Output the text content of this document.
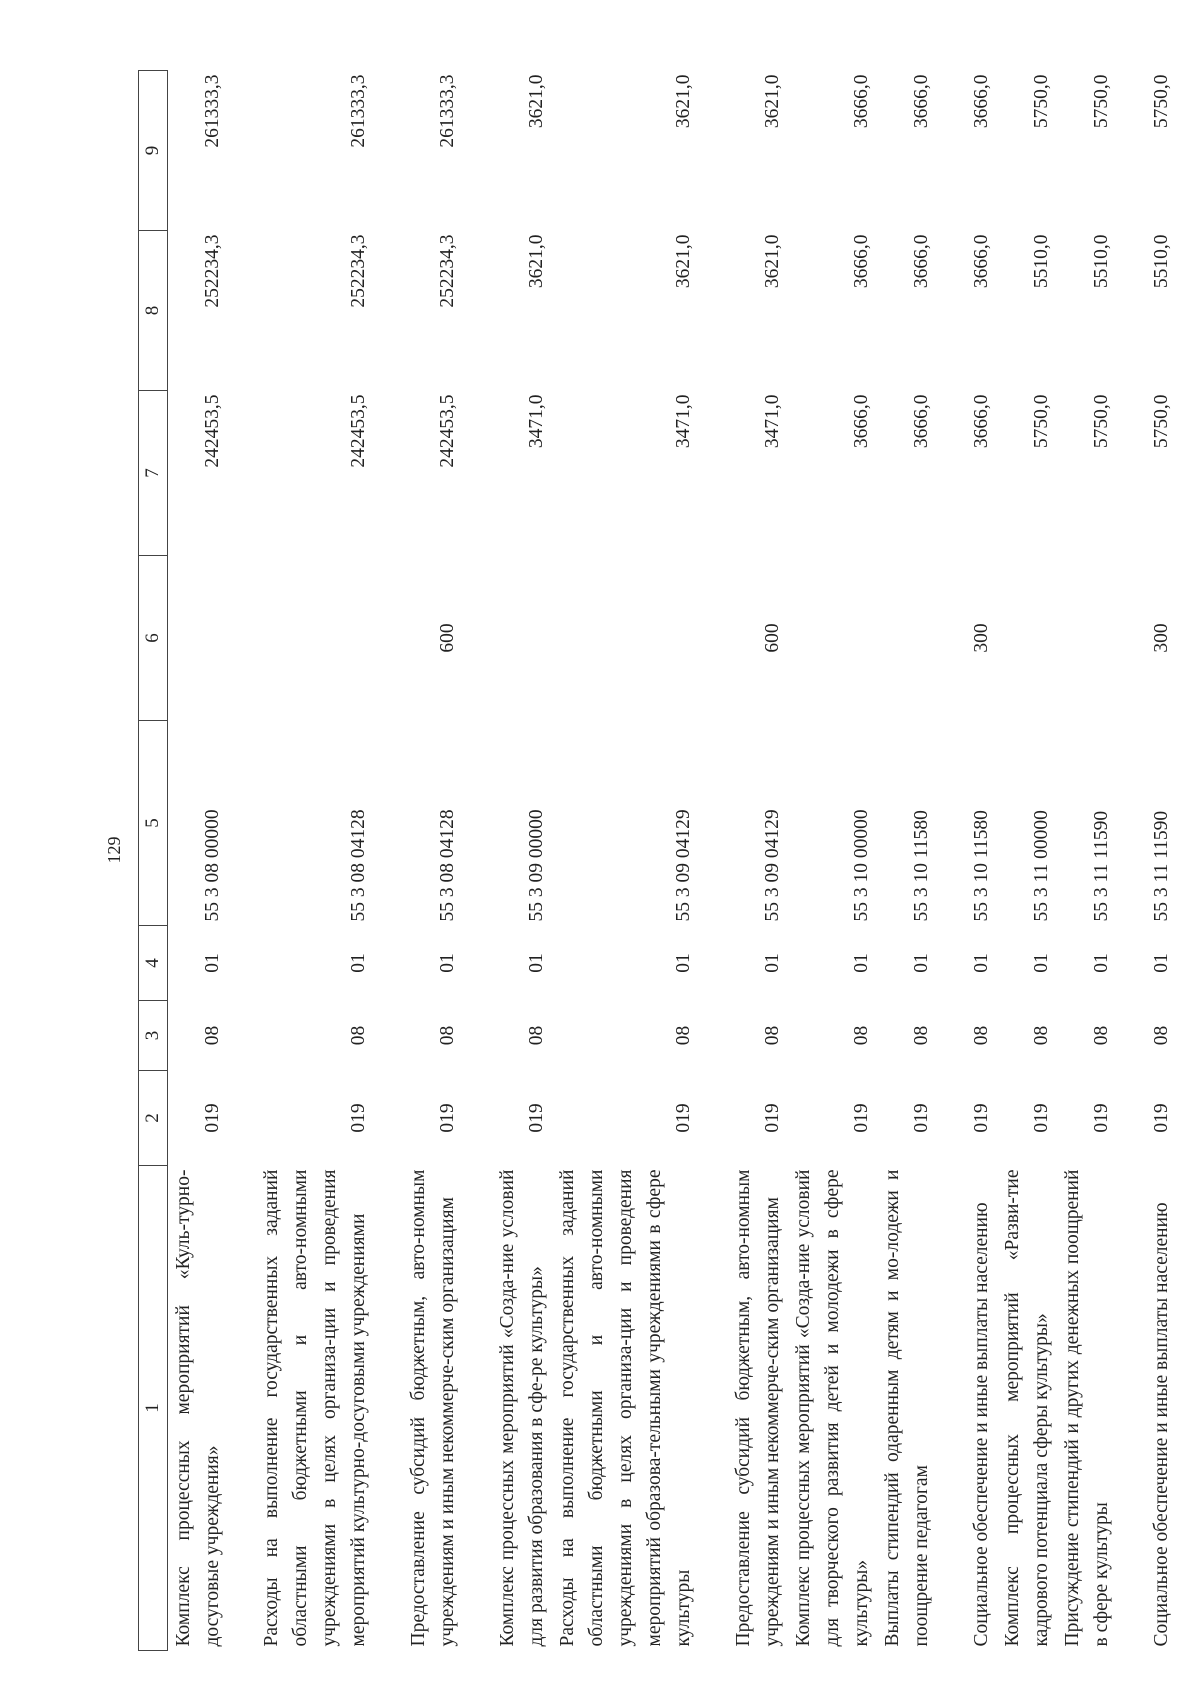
129
1	2	3	4	5	6	7	8	9
Комплекс процессных мероприятий «Куль-турно-досуговые учреждения»	019	08	01	55 3 08 00000		242453,5	252234,3	261333,3
Расходы на выполнение государственных заданий областными бюджетными и авто-номными учреждениями в целях организа-ции и проведения мероприятий культурно-досуговыми учреждениями	019	08	01	55 3 08 04128		242453,5	252234,3	261333,3
Предоставление субсидий бюджетным, авто-номным учреждениям и иным некоммерче-ским организациям	019	08	01	55 3 08 04128	600	242453,5	252234,3	261333,3
Комплекс процессных мероприятий «Созда-ние условий для развития образования в сфе-ре культуры»	019	08	01	55 3 09 00000		3471,0	3621,0	3621,0
Расходы на выполнение государственных заданий областными бюджетными и авто-номными учреждениями в целях организа-ции и проведения мероприятий образова-тельными учреждениями в сфере культуры	019	08	01	55 3 09 04129		3471,0	3621,0	3621,0
Предоставление субсидий бюджетным, авто-номным учреждениям и иным некоммерче-ским организациям	019	08	01	55 3 09 04129	600	3471,0	3621,0	3621,0
Комплекс процессных мероприятий «Созда-ние условий для творческого развития детей и молодежи в сфере культуры»	019	08	01	55 3 10 00000		3666,0	3666,0	3666,0
Выплаты стипендий одаренным детям и мо-лодежи и поощрение педагогам	019	08	01	55 3 10 11580		3666,0	3666,0	3666,0
Социальное обеспечение и иные выплаты населению	019	08	01	55 3 10 11580	300	3666,0	3666,0	3666,0
Комплекс процессных мероприятий «Разви-тие кадрового потенциала сферы культуры»	019	08	01	55 3 11 00000		5750,0	5510,0	5750,0
Присуждение стипендий и других денежных поощрений в сфере культуры	019	08	01	55 3 11 11590		5750,0	5510,0	5750,0
Социальное обеспечение и иные выплаты населению	019	08	01	55 3 11 11590	300	5750,0	5510,0	5750,0
